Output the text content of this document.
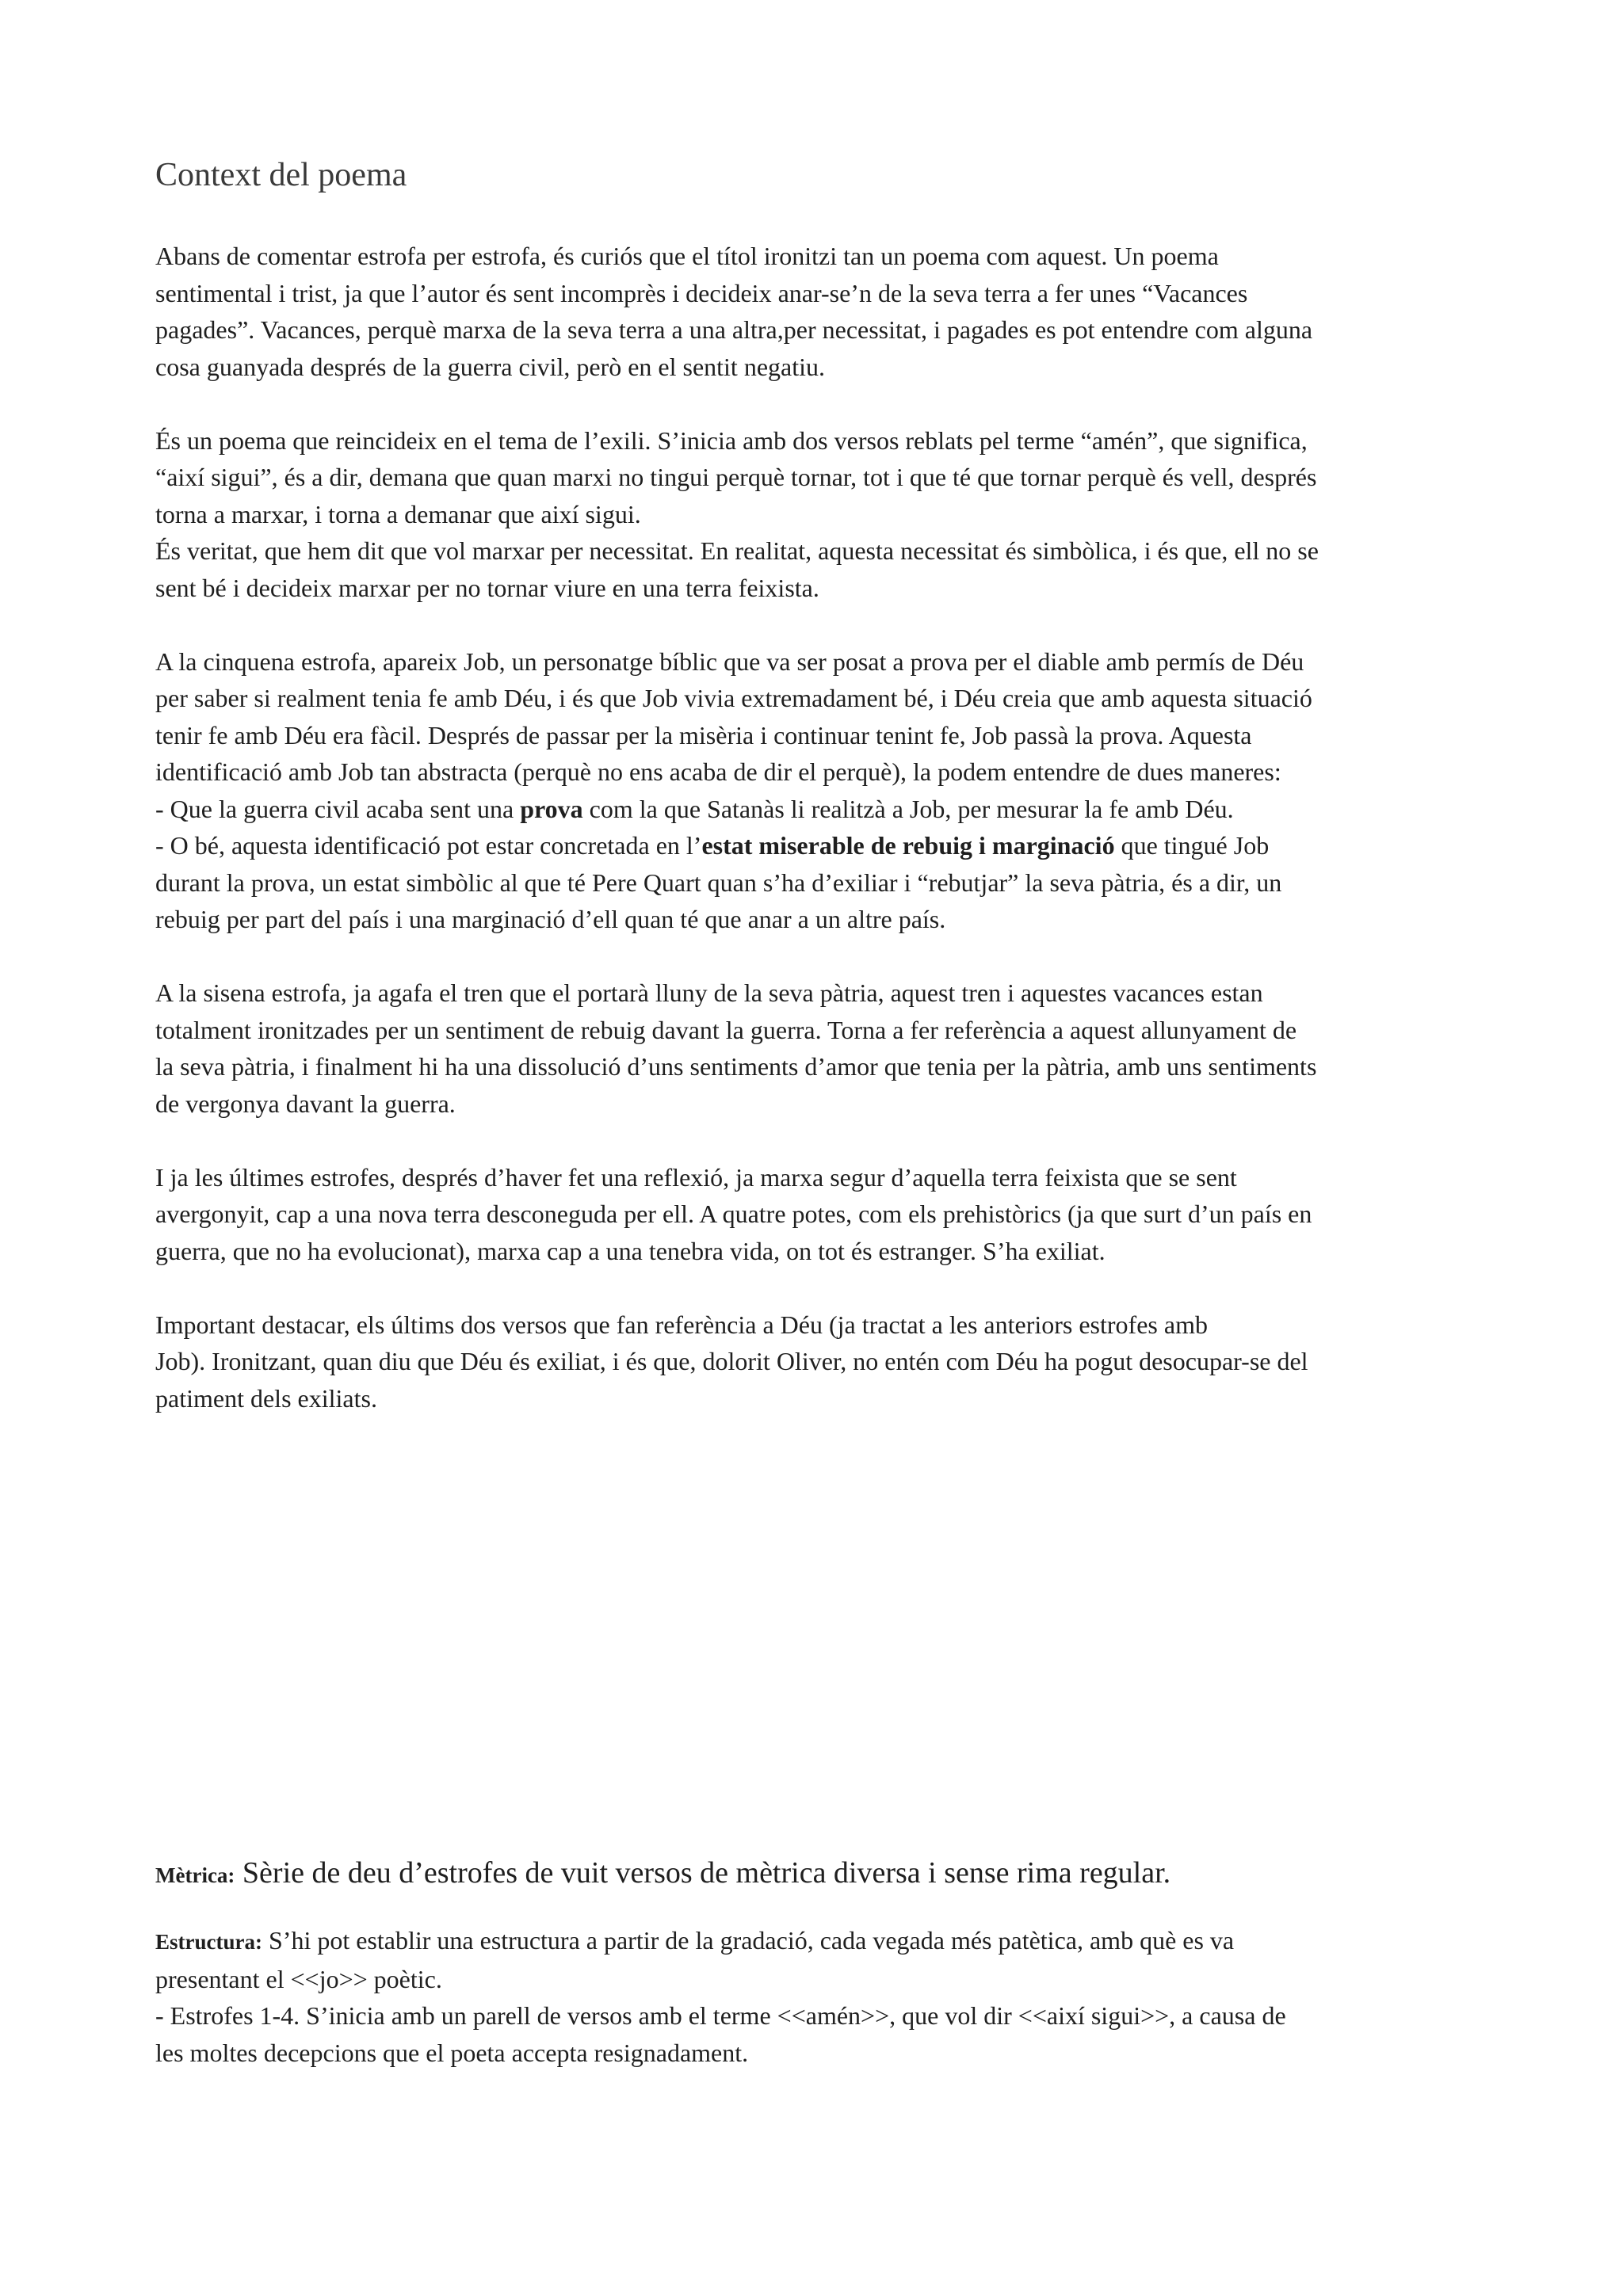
Context del poema

Abans de comentar estrofa per estrofa, és curiós que el títol ironitzi tan un poema com aquest. Un poema
sentimental i trist, ja que l’autor és sent incomprès i decideix anar-se’n de la seva terra a fer unes “Vacances
pagades”. Vacances, perquè marxa de la seva terra a una altra,per necessitat, i pagades es pot entendre com alguna
cosa guanyada després de la guerra civil, però en el sentit negatiu.

És un poema que reincideix en el tema de l’exili. S’inicia amb dos versos reblats pel terme “amén”, que significa,
“així sigui”, és a dir, demana que quan marxi no tingui perquè tornar, tot i que té que tornar perquè és vell, després
torna a marxar, i torna a demanar que així sigui.
És veritat, que hem dit que vol marxar per necessitat. En realitat, aquesta necessitat és simbòlica, i és que, ell no se
sent bé i decideix marxar per no tornar viure en una terra feixista.

A la cinquena estrofa, apareix Job, un personatge bíblic que va ser posat a prova per el diable amb permís de Déu
per saber si realment tenia fe amb Déu, i és que Job vivia extremadament bé, i Déu creia que amb aquesta situació
tenir fe amb Déu era fàcil. Després de passar per la misèria i continuar tenint fe, Job passà la prova. Aquesta
identificació amb Job tan abstracta (perquè no ens acaba de dir el perquè), la podem entendre de dues maneres:
- Que la guerra civil acaba sent una prova com la que Satanàs li realitzà a Job, per mesurar la fe amb Déu.
- O bé, aquesta identificació pot estar concretada en l’estat miserable de rebuig i marginació que tingué Job
durant la prova, un estat simbòlic al que té Pere Quart quan s’ha d’exiliar i “rebutjar” la seva pàtria, és a dir, un
rebuig per part del país i una marginació d’ell quan té que anar a un altre país.

A la sisena estrofa, ja agafa el tren que el portarà lluny de la seva pàtria, aquest tren i aquestes vacances estan
totalment ironitzades per un sentiment de rebuig davant la guerra. Torna a fer referència a aquest allunyament de
la seva pàtria, i finalment hi ha una dissolució d’uns sentiments d’amor que tenia per la pàtria, amb uns sentiments
de vergonya davant la guerra.

I ja les últimes estrofes, després d’haver fet una reflexió, ja marxa segur d’aquella terra feixista que se sent
avergonyit, cap a una nova terra desconeguda per ell. A quatre potes, com els prehistòrics (ja que surt d’un país en
guerra, que no ha evolucionat), marxa cap a una tenebra vida, on tot és estranger. S’ha exiliat.

Important destacar, els últims dos versos que fan referència a Déu (ja tractat a les anteriors estrofes amb
Job). Ironitzant, quan diu que Déu és exiliat, i és que, dolorit Oliver, no entén com Déu ha pogut desocupar-se del
patiment dels exiliats.

Mètrica: Sèrie de deu d’estrofes de vuit versos de mètrica diversa i sense rima regular.

Estructura: S’hi pot establir una estructura a partir de la gradació, cada vegada més patètica, amb què es va
presentant el <<jo>> poètic.
- Estrofes 1-4. S’inicia amb un parell de versos amb el terme <<amén>>, que vol dir <<així sigui>>, a causa de
les moltes decepcions que el poeta accepta resignadament.
